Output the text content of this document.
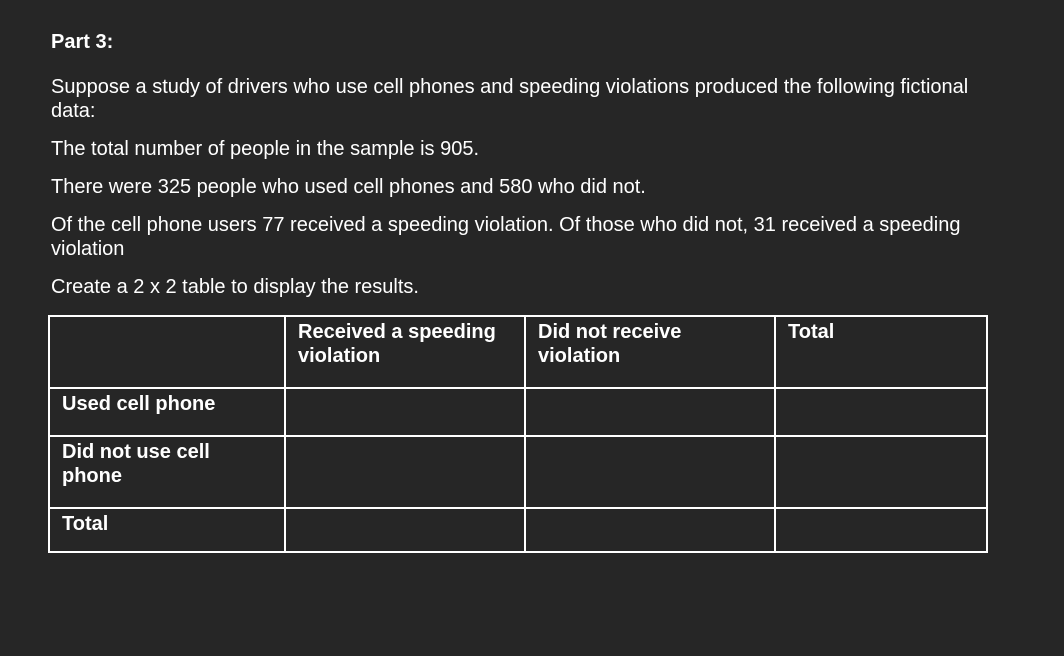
Part 3:

Suppose a study of drivers who use cell phones and speeding violations produced the following fictional data:

The total number of people in the sample is 905.

There were 325 people who used cell phones and 580 who did not.

Of the cell phone users 77 received a speeding violation. Of those who did not, 31 received a speeding violation

Create a 2 x 2 table to display the results.

	Received a speeding violation	Did not receive violation	Total
Used cell phone			
Did not use cell phone			
Total			
